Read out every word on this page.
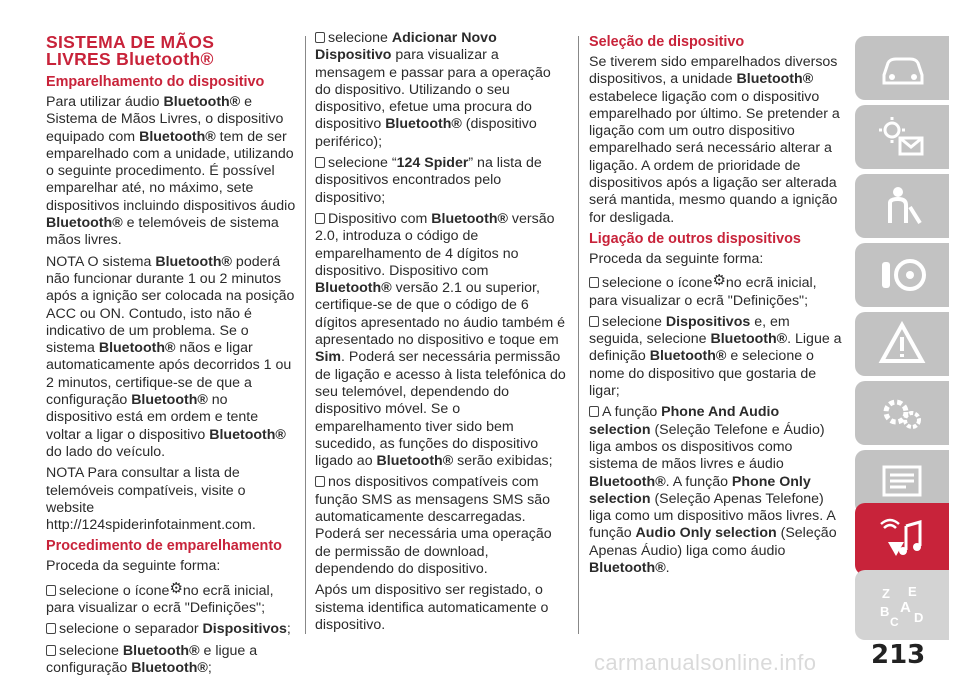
SISTEMA DE MÃOS
LIVRES Bluetooth®
Emparelhamento do dispositivo

Para utilizar áudio Bluetooth® e Sistema de Mãos Livres, o dispositivo equipado com Bluetooth® tem de ser emparelhado com a unidade, utilizando o seguinte procedimento. É possível emparelhar até, no máximo, sete dispositivos incluindo dispositivos áudio Bluetooth® e telemóveis de sistema mãos livres.

NOTA O sistema Bluetooth® poderá não funcionar durante 1 ou 2 minutos após a ignição ser colocada na posição ACC ou ON. Contudo, isto não é indicativo de um problema. Se o sistema Bluetooth® nãos e ligar automaticamente após decorridos 1 ou 2 minutos, certifique-se de que a configuração Bluetooth® no dispositivo está em ordem e tente voltar a ligar o dispositivo Bluetooth® do lado do veículo.

NOTA Para consultar a lista de telemóveis compatíveis, visite o website http://124spiderinfotainment.com.

Procedimento de emparelhamento

Proceda da seguinte forma:

selecione o ícone⚙no ecrã inicial, para visualizar o ecrã "Definições";

selecione o separador Dispositivos;

selecione Bluetooth® e ligue a configuração Bluetooth®;

selecione Adicionar Novo Dispositivo para visualizar a mensagem e passar para a operação do dispositivo. Utilizando o seu dispositivo, efetue uma procura do dispositivo Bluetooth® (dispositivo periférico);

selecione “124 Spider” na lista de dispositivos encontrados pelo dispositivo;

Dispositivo com Bluetooth® versão 2.0, introduza o código de emparelhamento de 4 dígitos no dispositivo. Dispositivo com Bluetooth® versão 2.1 ou superior, certifique-se de que o código de 6 dígitos apresentado no áudio também é apresentado no dispositivo e toque em Sim. Poderá ser necessária permissão de ligação e acesso à lista telefónica do seu telemóvel, dependendo do dispositivo móvel. Se o emparelhamento tiver sido bem sucedido, as funções do dispositivo ligado ao Bluetooth® serão exibidas;

nos dispositivos compatíveis com função SMS as mensagens SMS são automaticamente descarregadas. Poderá ser necessária uma operação de permissão de download, dependendo do dispositivo.

Após um dispositivo ser registado, o sistema identifica automaticamente o dispositivo.

Seleção de dispositivo

Se tiverem sido emparelhados diversos dispositivos, a unidade Bluetooth® estabelece ligação com o dispositivo emparelhado por último. Se pretender a ligação com um outro dispositivo emparelhado será necessário alterar a ligação. A ordem de prioridade de dispositivos após a ligação ser alterada será mantida, mesmo quando a ignição for desligada.

Ligação de outros dispositivos

Proceda da seguinte forma:

selecione o ícone⚙no ecrã inicial, para visualizar o ecrã "Definições";

selecione Dispositivos e, em seguida, selecione Bluetooth®. Ligue a definição Bluetooth® e selecione o nome do dispositivo que gostaria de ligar;

A função Phone And Audio selection (Seleção Telefone e Áudio) liga ambos os dispositivos como sistema de mãos livres e áudio Bluetooth®. A função Phone Only selection (Seleção Apenas Telefone) liga como um dispositivo mãos livres. A função Audio Only selection (Seleção Apenas Áudio) liga como áudio Bluetooth®.

Z E
B A
D
C
213
carmanualsonline.info
